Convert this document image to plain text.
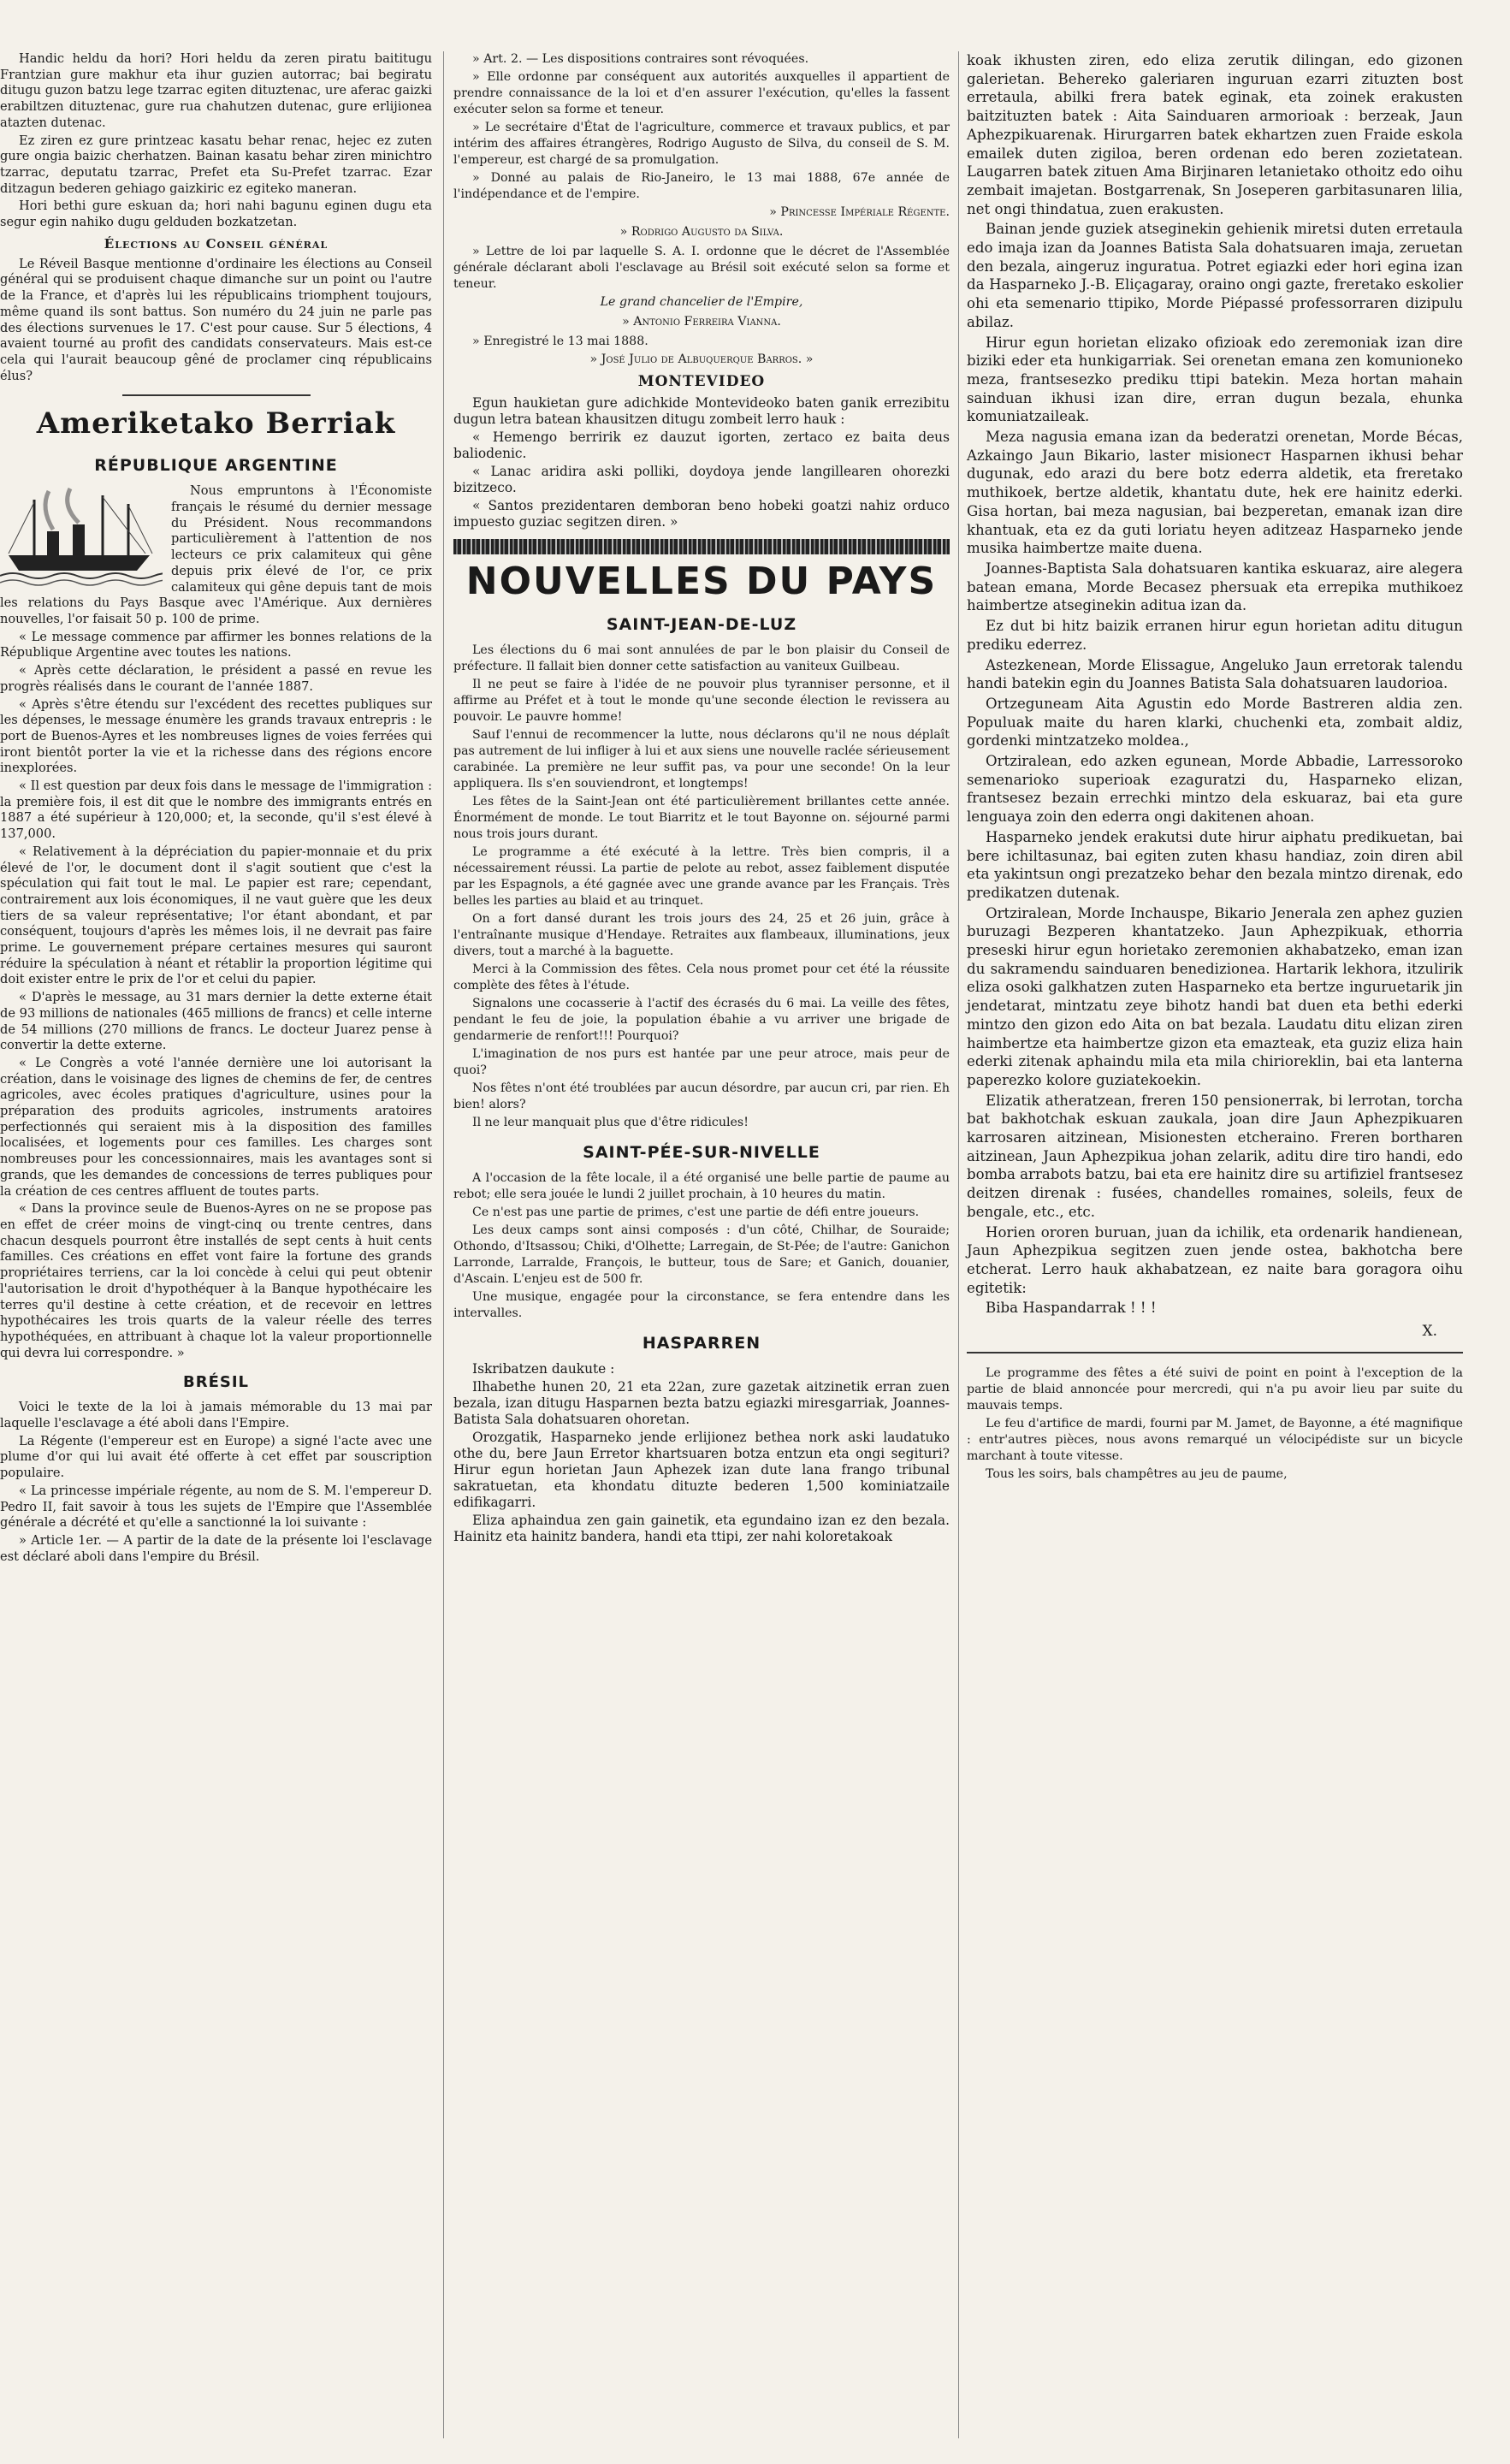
Handic heldu da hori? Hori heldu da zeren piratu baititugu Frantzian gure makhur eta ihur guzien autorrac; bai begiratu ditugu guzon batzu lege tzarrac egiten dituztenac, ure aferac gaizki erabiltzen dituztenac, gure rua chahutzen dutenac, gure erlijionea atazten dutenac.

Ez ziren ez gure printzeac kasatu behar renac, hejec ez zuten gure ongia baizic cherhatzen. Bainan kasatu behar ziren minichtro tzarrac, deputatu tzarrac, Prefet eta Su-Prefet tzarrac. Ezar ditzagun bederen gehiago gaizkiric ez egiteko maneran.

Hori bethi gure eskuan da; hori nahi bagunu eginen dugu eta segur egin nahiko dugu gelduden bozkatzetan.

Élections au Conseil général

Le Réveil Basque mentionne d'ordinaire les élections au Conseil général qui se produisent chaque dimanche sur un point ou l'autre de la France, et d'après lui les républicains triomphent toujours, même quand ils sont battus. Son numéro du 24 juin ne parle pas des élections survenues le 17. C'est pour cause. Sur 5 élections, 4 avaient tourné au profit des candidats conservateurs. Mais est-ce cela qui l'aurait beaucoup gêné de proclamer cinq républicains élus?

Ameriketako Berriak
RÉPUBLIQUE ARGENTINE

Nous empruntons à l'Économiste français le résumé du dernier message du Président. Nous recommandons particulièrement à l'attention de nos lecteurs ce prix calamiteux qui gêne depuis prix élevé de l'or, ce prix calamiteux qui gêne depuis tant de mois les relations du Pays Basque avec l'Amérique. Aux dernières nouvelles, l'or faisait 50 p. 100 de prime.

« Le message commence par affirmer les bonnes relations de la République Argentine avec toutes les nations.

« Après cette déclaration, le président a passé en revue les progrès réalisés dans le courant de l'année 1887.

« Après s'être étendu sur l'excédent des recettes publiques sur les dépenses, le message énumère les grands travaux entrepris : le port de Buenos-Ayres et les nombreuses lignes de voies ferrées qui iront bientôt porter la vie et la richesse dans des régions encore inexplorées.

« Il est question par deux fois dans le message de l'immigration : la première fois, il est dit que le nombre des immigrants entrés en 1887 a été supérieur à 120,000; et, la seconde, qu'il s'est élevé à 137,000.

« Relativement à la dépréciation du papier-monnaie et du prix élevé de l'or, le document dont il s'agit soutient que c'est la spéculation qui fait tout le mal. Le papier est rare; cependant, contrairement aux lois économiques, il ne vaut guère que les deux tiers de sa valeur représentative; l'or étant abondant, et par conséquent, toujours d'après les mêmes lois, il ne devrait pas faire prime. Le gouvernement prépare certaines mesures qui sauront réduire la spéculation à néant et rétablir la proportion légitime qui doit exister entre le prix de l'or et celui du papier.

« D'après le message, au 31 mars dernier la dette externe était de 93 millions de nationales (465 millions de francs) et celle interne de 54 millions (270 millions de francs. Le docteur Juarez pense à convertir la dette externe.

« Le Congrès a voté l'année dernière une loi autorisant la création, dans le voisinage des lignes de chemins de fer, de centres agricoles, avec écoles pratiques d'agriculture, usines pour la préparation des produits agricoles, instruments aratoires perfectionnés qui seraient mis à la disposition des familles localisées, et logements pour ces familles. Les charges sont nombreuses pour les concessionnaires, mais les avantages sont si grands, que les demandes de concessions de terres publiques pour la création de ces centres affluent de toutes parts.

« Dans la province seule de Buenos-Ayres on ne se propose pas en effet de créer moins de vingt-cinq ou trente centres, dans chacun desquels pourront être installés de sept cents à huit cents familles. Ces créations en effet vont faire la fortune des grands propriétaires terriens, car la loi concède à celui qui peut obtenir l'autorisation le droit d'hypothéquer à la Banque hypothécaire les terres qu'il destine à cette création, et de recevoir en lettres hypothécaires les trois quarts de la valeur réelle des terres hypothéquées, en attribuant à chaque lot la valeur proportionnelle qui devra lui correspondre. »

BRÉSIL

Voici le texte de la loi à jamais mémorable du 13 mai par laquelle l'esclavage a été aboli dans l'Empire.

La Régente (l'empereur est en Europe) a signé l'acte avec une plume d'or qui lui avait été offerte à cet effet par souscription populaire.

« La princesse impériale régente, au nom de S. M. l'empereur D. Pedro II, fait savoir à tous les sujets de l'Empire que l'Assemblée générale a décrété et qu'elle a sanctionné la loi suivante :

» Article 1er. — A partir de la date de la présente loi l'esclavage est déclaré aboli dans l'empire du Brésil.

» Art. 2. — Les dispositions contraires sont révoquées.

» Elle ordonne par conséquent aux autorités auxquelles il appartient de prendre connaissance de la loi et d'en assurer l'exécution, qu'elles la fassent exécuter selon sa forme et teneur.

» Le secrétaire d'État de l'agriculture, commerce et travaux publics, et par intérim des affaires étrangères, Rodrigo Augusto de Silva, du conseil de S. M. l'empereur, est chargé de sa promulgation.

» Donné au palais de Rio-Janeiro, le 13 mai 1888, 67e année de l'indépendance et de l'empire.

» Princesse Impériale Régente.

» Rodrigo Augusto da Silva.

» Lettre de loi par laquelle S. A. I. ordonne que le décret de l'Assemblée générale déclarant aboli l'esclavage au Brésil soit exécuté selon sa forme et teneur.

Le grand chancelier de l'Empire,

» Antonio Ferreira Vianna.

» Enregistré le 13 mai 1888.

» José Julio de Albuquerque Barros. »

MONTEVIDEO

Egun haukietan gure adichkide Montevideoko baten ganik errezibitu dugun letra batean khausitzen ditugu zombeit lerro hauk :

« Hemengo berririk ez dauzut igorten, zertaco ez baita deus baliodenic.

« Lanac aridira aski polliki, doydoya jende langillearen ohorezki bizitzeco.

« Santos prezidentaren demboran beno hobeki goatzi nahiz orduco impuesto guziac segitzen diren. »

NOUVELLES DU PAYS
SAINT-JEAN-DE-LUZ

Les élections du 6 mai sont annulées de par le bon plaisir du Conseil de préfecture. Il fallait bien donner cette satisfaction au vaniteux Guilbeau.

Il ne peut se faire à l'idée de ne pouvoir plus tyranniser personne, et il affirme au Préfet et à tout le monde qu'une seconde élection le revissera au pouvoir. Le pauvre homme!

Sauf l'ennui de recommencer la lutte, nous déclarons qu'il ne nous déplaît pas autrement de lui infliger à lui et aux siens une nouvelle raclée sérieusement carabinée. La première ne leur suffit pas, va pour une seconde! On la leur appliquera. Ils s'en souviendront, et longtemps!

Les fêtes de la Saint-Jean ont été particulièrement brillantes cette année. Énormément de monde. Le tout Biarritz et le tout Bayonne on. séjourné parmi nous trois jours durant.

Le programme a été exécuté à la lettre. Très bien compris, il a nécessairement réussi. La partie de pelote au rebot, assez faiblement disputée par les Espagnols, a été gagnée avec une grande avance par les Français. Très belles les parties au blaid et au trinquet.

On a fort dansé durant les trois jours des 24, 25 et 26 juin, grâce à l'entraînante musique d'Hendaye. Retraites aux flambeaux, illuminations, jeux divers, tout a marché à la baguette.

Merci à la Commission des fêtes. Cela nous promet pour cet été la réussite complète des fêtes à l'étude.

Signalons une cocasserie à l'actif des écrasés du 6 mai. La veille des fêtes, pendant le feu de joie, la population ébahie a vu arriver une brigade de gendarmerie de renfort!!! Pourquoi?

L'imagination de nos purs est hantée par une peur atroce, mais peur de quoi?

Nos fêtes n'ont été troublées par aucun désordre, par aucun cri, par rien. Eh bien! alors?

Il ne leur manquait plus que d'être ridicules!

SAINT-PÉE-SUR-NIVELLE

A l'occasion de la fête locale, il a été organisé une belle partie de paume au rebot; elle sera jouée le lundi 2 juillet prochain, à 10 heures du matin.

Ce n'est pas une partie de primes, c'est une partie de défi entre joueurs.

Les deux camps sont ainsi composés : d'un côté, Chilhar, de Souraide; Othondo, d'Itsassou; Chiki, d'Olhette; Larregain, de St-Pée; de l'autre: Ganichon Larronde, Larralde, François, le butteur, tous de Sare; et Ganich, douanier, d'Ascain. L'enjeu est de 500 fr.

Une musique, engagée pour la circonstance, se fera entendre dans les intervalles.

HASPARREN

Iskribatzen daukute :

Ilhabethe hunen 20, 21 eta 22an, zure gazetak aitzinetik erran zuen bezala, izan ditugu Hasparnen bezta batzu egiazki miresgarriak, Joannes-Batista Sala dohatsuaren ohoretan.

Orozgatik, Hasparneko jende erlijionez bethea nork aski laudatuko othe du, bere Jaun Erretor khartsuaren botza entzun eta ongi segituri? Hirur egun horietan Jaun Aphezek izan dute lana frango tribunal sakratuetan, eta khondatu dituzte bederen 1,500 kominiatzaile edifikagarri.

Eliza aphaindua zen gain gainetik, eta egundaino izan ez den bezala. Hainitz eta hainitz bandera, handi eta ttipi, zer nahi koloretakoak

koak ikhusten ziren, edo eliza zerutik dilingan, edo gizonen galerietan. Behereko galeriaren inguruan ezarri zituzten bost erretaula, abilki frera batek eginak, eta zoinek erakusten baitzituzten batek : Aita Sainduaren armorioak : berzeak, Jaun Aphezpikuarenak. Hirurgarren batek ekhartzen zuen Fraide eskola emailek duten zigiloa, beren ordenan edo beren zozietatean. Laugarren batek zituen Ama Birjinaren letanietako othoitz edo oihu zembait imajetan. Bostgarrenak, Sn Joseperen garbitasunaren lilia, net ongi thindatua, zuen erakusten.

Bainan jende guziek atseginekin gehienik miretsi duten erretaula edo imaja izan da Joannes Batista Sala dohatsuaren imaja, zeruetan den bezala, aingeruz inguratua. Potret egiazki eder hori egina izan da Hasparneko J.-B. Eliçagaray, oraino ongi gazte, freretako eskolier ohi eta semenario ttipiko, Morde Piépassé professorraren dizipulu abilaz.

Hirur egun horietan elizako ofizioak edo zeremoniak izan dire biziki eder eta hunkigarriak. Sei orenetan emana zen komunioneko meza, frantsesezko prediku ttipi batekin. Meza hortan mahain sainduan ikhusi izan dire, erran dugun bezala, ehunka komuniatzaileak.

Meza nagusia emana izan da bederatzi orenetan, Morde Bécas, Azkaingo Jaun Bikario, laster misioneст Hasparnen ikhusi behar dugunak, edo arazi du bere botz ederra aldetik, eta freretako muthikoek, bertze aldetik, khantatu dute, hek ere hainitz ederki. Gisa hortan, bai meza nagusian, bai bezperetan, emanak izan dire khantuak, eta ez da guti loriatu heyen aditzeaz Hasparneko jende musika haimbertze maite duena.

Joannes-Baptista Sala dohatsuaren kantika eskuaraz, aire alegera batean emana, Morde Becasez phersuak eta errepika muthikoez haimbertze atseginekin aditua izan da.

Ez dut bi hitz baizik erranen hirur egun horietan aditu ditugun prediku ederrez.

Astezkenean, Morde Elissague, Angeluko Jaun erretorak talendu handi batekin egin du Joannes Batista Sala dohatsuaren laudorioa.

Ortzeguneam Aita Agustin edo Morde Bastreren aldia zen. Populuak maite du haren klarki, chuchenki eta, zombait aldiz, gordenki mintzatzeko moldea.,

Ortziralean, edo azken egunean, Morde Abbadie, Larressoroko semenarioko superioak ezaguratzi du, Hasparneko elizan, frantsesez bezain errechki mintzo dela eskuaraz, bai eta gure lenguaya zoin den ederra ongi dakitenen ahoan.

Hasparneko jendek erakutsi dute hirur aiphatu predikuetan, bai bere ichiltasunaz, bai egiten zuten khasu handiaz, zoin diren abil eta yakintsun ongi prezatzeko behar den bezala mintzo direnak, edo predikatzen dutenak.

Ortziralean, Morde Inchauspe, Bikario Jenerala zen aphez guzien buruzagi Bezperen khantatzeko. Jaun Aphezpikuak, ethorria preseski hirur egun horietako zeremonien akhabatzeko, eman izan du sakramendu sainduaren benedizionea. Hartarik lekhora, itzulirik eliza osoki galkhatzen zuten Hasparneko eta bertze inguruetarik jin jendetarat, mintzatu zeye bihotz handi bat duen eta bethi ederki mintzo den gizon edo Aita on bat bezala. Laudatu ditu elizan ziren haimbertze eta haimbertze gizon eta emazteak, eta guziz eliza hain ederki zitenak aphaindu mila eta mila chirioreklin, bai eta lanterna paperezko kolore guziatekoekin.

Elizatik atheratzean, freren 150 pensionerrak, bi lerrotan, torcha bat bakhotchak eskuan zaukala, joan dire Jaun Aphezpikuaren karrosaren aitzinean, Misionesten etcheraino. Freren bortharen aitzinean, Jaun Aphezpikua johan zelarik, aditu dire tiro handi, edo bomba arrabots batzu, bai eta ere hainitz dire su artifiziel frantsesez deitzen direnak : fusées, chandelles romaines, soleils, feux de bengale, etc., etc.

Horien ororen buruan, juan da ichilik, eta ordenarik handienean, Jaun Aphezpikua segitzen zuen jende ostea, bakhotcha bere etcherat. Lerro hauk akhabatzean, ez naite bara goragora oihu egitetik:

Biba Haspandarrak ! ! !

X.

Le programme des fêtes a été suivi de point en point à l'exception de la partie de blaid annoncée pour mercredi, qui n'a pu avoir lieu par suite du mauvais temps.

Le feu d'artifice de mardi, fourni par M. Jamet, de Bayonne, a été magnifique : entr'autres pièces, nous avons remarqué un vélocipédiste sur un bicycle marchant à toute vitesse.

Tous les soirs, bals champêtres au jeu de paume,
